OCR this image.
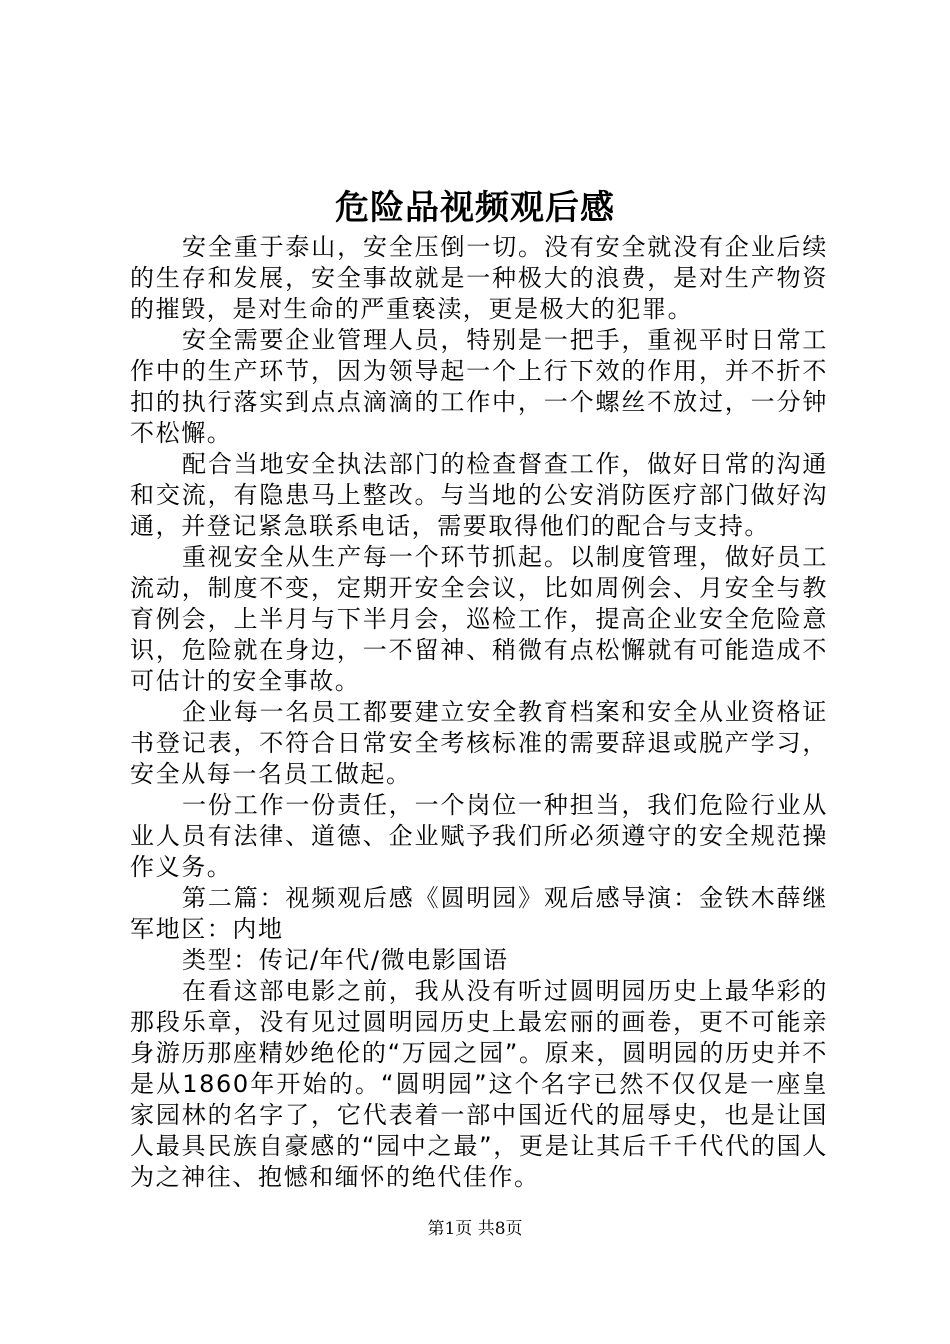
危险品视频观后感

安全重于泰山，安全压倒一切。没有安全就没有企业后续的生存和发展，安全事故就是一种极大的浪费，是对生产物资的摧毁，是对生命的严重亵渎，更是极大的犯罪。

安全需要企业管理人员，特别是一把手，重视平时日常工作中的生产环节，因为领导起一个上行下效的作用，并不折不扣的执行落实到点点滴滴的工作中，一个螺丝不放过，一分钟不松懈。

配合当地安全执法部门的检查督查工作，做好日常的沟通和交流，有隐患马上整改。与当地的公安消防医疗部门做好沟通，并登记紧急联系电话，需要取得他们的配合与支持。

重视安全从生产每一个环节抓起。以制度管理，做好员工流动，制度不变，定期开安全会议，比如周例会、月安全与教育例会，上半月与下半月会，巡检工作，提高企业安全危险意识，危险就在身边，一不留神、稍微有点松懈就有可能造成不可估计的安全事故。

企业每一名员工都要建立安全教育档案和安全从业资格证书登记表，不符合日常安全考核标准的需要辞退或脱产学习，安全从每一名员工做起。

一份工作一份责任，一个岗位一种担当，我们危险行业从业人员有法律、道德、企业赋予我们所必须遵守的安全规范操作义务。

第二篇：视频观后感《圆明园》观后感导演：金铁木薛继军地区：内地

类型：传记/年代/微电影国语

在看这部电影之前，我从没有听过圆明园历史上最华彩的那段乐章，没有见过圆明园历史上最宏丽的画卷，更不可能亲身游历那座精妙绝伦的“万园之园”。原来，圆明园的历史并不是从1860年开始的。“圆明园”这个名字已然不仅仅是一座皇家园林的名字了，它代表着一部中国近代的屈辱史，也是让国人最具民族自豪感的“园中之最”，更是让其后千千代代的国人为之神往、抱憾和缅怀的绝代佳作。

第1页 共8页
